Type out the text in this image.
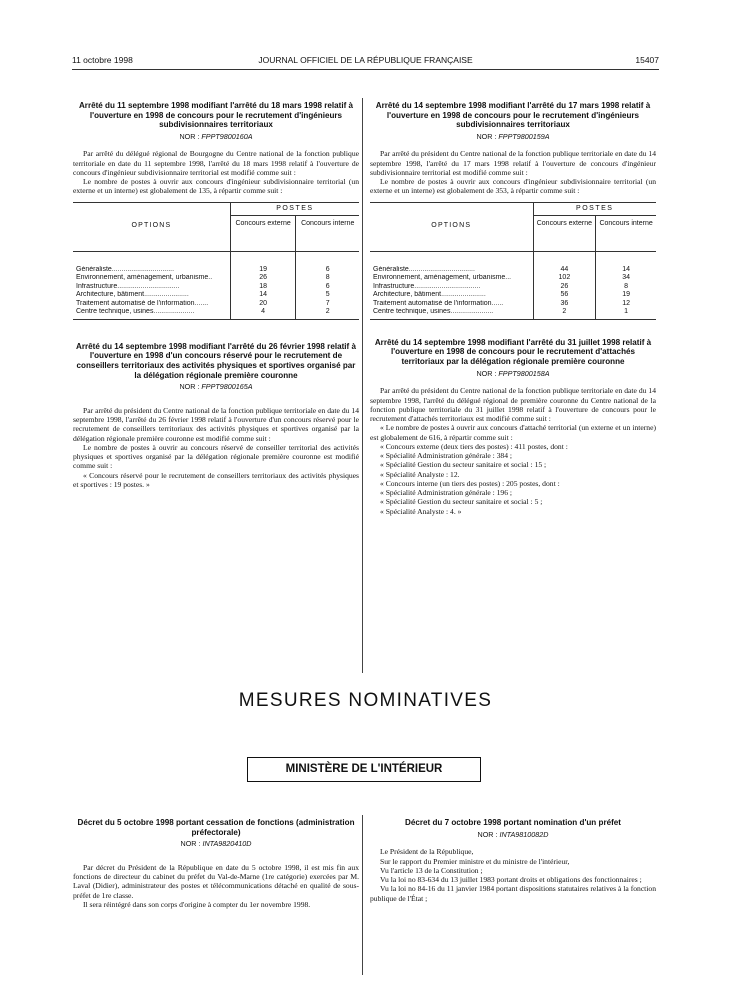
11 octobre 1998	JOURNAL OFFICIEL DE LA RÉPUBLIQUE FRANÇAISE	15407
Arrêté du 11 septembre 1998 modifiant l'arrêté du 18 mars 1998 relatif à l'ouverture en 1998 de concours pour le recrutement d'ingénieurs subdivisionnaires territoriaux
NOR : FPPT9800160A

Par arrêté du délégué régional de Bourgogne du Centre national de la fonction publique territoriale en date du 11 septembre 1998, l'arrêté du 18 mars 1998 relatif à l'ouverture de concours d'ingénieur subdivisionnaire territorial est modifié comme suit :

Le nombre de postes à ouvrir aux concours d'ingénieur subdivisionnaire territorial (un externe et un interne) est globalement de 135, à répartir comme suit :

OPTIONS	POSTES	
	Concours externe	Concours interne

Généraliste................................	19	6
Environnement, aménagement, urbanisme..	26	8
Infrastructure................................	18	6
Architecture, bâtiment.......................	14	5
Traitement automatisé de l'information.......	20	7
Centre technique, usines.....................	4	2
Arrêté du 14 septembre 1998 modifiant l'arrêté du 26 février 1998 relatif à l'ouverture en 1998 d'un concours réservé pour le recrutement de conseillers territoriaux des activités physiques et sportives organisé par la délégation régionale première couronne
NOR : FPPT9800165A

Par arrêté du président du Centre national de la fonction publique territoriale en date du 14 septembre 1998, l'arrêté du 26 février 1998 relatif à l'ouverture d'un concours réservé pour le recrutement de conseillers territoriaux des activités physiques et sportives organisé par la délégation régionale première couronne est modifié comme suit :

Le nombre de postes à ouvrir au concours réservé de conseiller territorial des activités physiques et sportives organisé par la délégation régionale première couronne est modifié comme suit :

« Concours réservé pour le recrutement de conseillers territoriaux des activités physiques et sportives : 19 postes. »

Arrêté du 14 septembre 1998 modifiant l'arrêté du 17 mars 1998 relatif à l'ouverture en 1998 de concours pour le recrutement d'ingénieurs subdivisionnaires territoriaux
NOR : FPPT9800159A

Par arrêté du président du Centre national de la fonction publique territoriale en date du 14 septembre 1998, l'arrêté du 17 mars 1998 relatif à l'ouverture de concours d'ingénieur subdivisionnaire territorial est modifié comme suit :

Le nombre de postes à ouvrir aux concours d'ingénieur subdivisionnaire territorial (un externe et un interne) est globalement de 353, à répartir comme suit :

OPTIONS	POSTES	
	Concours externe	Concours interne

Généraliste..................................	44	14
Environnement, aménagement, urbanisme...	102	34
Infrastructure..................................	26	8
Architecture, bâtiment.......................	56	19
Traitement automatisé de l'information......	36	12
Centre technique, usines......................	2	1
Arrêté du 14 septembre 1998 modifiant l'arrêté du 31 juillet 1998 relatif à l'ouverture en 1998 de concours pour le recrutement d'attachés territoriaux par la délégation régionale première couronne
NOR : FPPT9800158A

Par arrêté du président du Centre national de la fonction publique territoriale en date du 14 septembre 1998, l'arrêté du délégué régional de première couronne du Centre national de la fonction publique territoriale du 31 juillet 1998 relatif à l'ouverture de concours pour le recrutement d'attachés territoriaux est modifié comme suit :

« Le nombre de postes à ouvrir aux concours d'attaché territorial (un externe et un interne) est globalement de 616, à répartir comme suit :

« Concours externe (deux tiers des postes) : 411 postes, dont :

« Spécialité Administration générale : 384 ;

« Spécialité Gestion du secteur sanitaire et social : 15 ;

« Spécialité Analyste : 12.

« Concours interne (un tiers des postes) : 205 postes, dont :

« Spécialité Administration générale : 196 ;

« Spécialité Gestion du secteur sanitaire et social : 5 ;

« Spécialité Analyste : 4. »

MESURES NOMINATIVES
MINISTÈRE DE L'INTÉRIEUR
Décret du 5 octobre 1998 portant cessation de fonctions (administration préfectorale)
NOR : INTA9820410D

Par décret du Président de la République en date du 5 octobre 1998, il est mis fin aux fonctions de directeur du cabinet du préfet du Val-de-Marne (1re catégorie) exercées par M. Laval (Didier), administrateur des postes et télécommunications détaché en qualité de sous-préfet de 1re classe.

Il sera réintégré dans son corps d'origine à compter du 1er novembre 1998.

Décret du 7 octobre 1998 portant nomination d'un préfet
NOR : INTA9810082D

Le Président de la République,

Sur le rapport du Premier ministre et du ministre de l'intérieur,

Vu l'article 13 de la Constitution ;

Vu la loi no 83-634 du 13 juillet 1983 portant droits et obligations des fonctionnaires ;

Vu la loi no 84-16 du 11 janvier 1984 portant dispositions statutaires relatives à la fonction publique de l'État ;
